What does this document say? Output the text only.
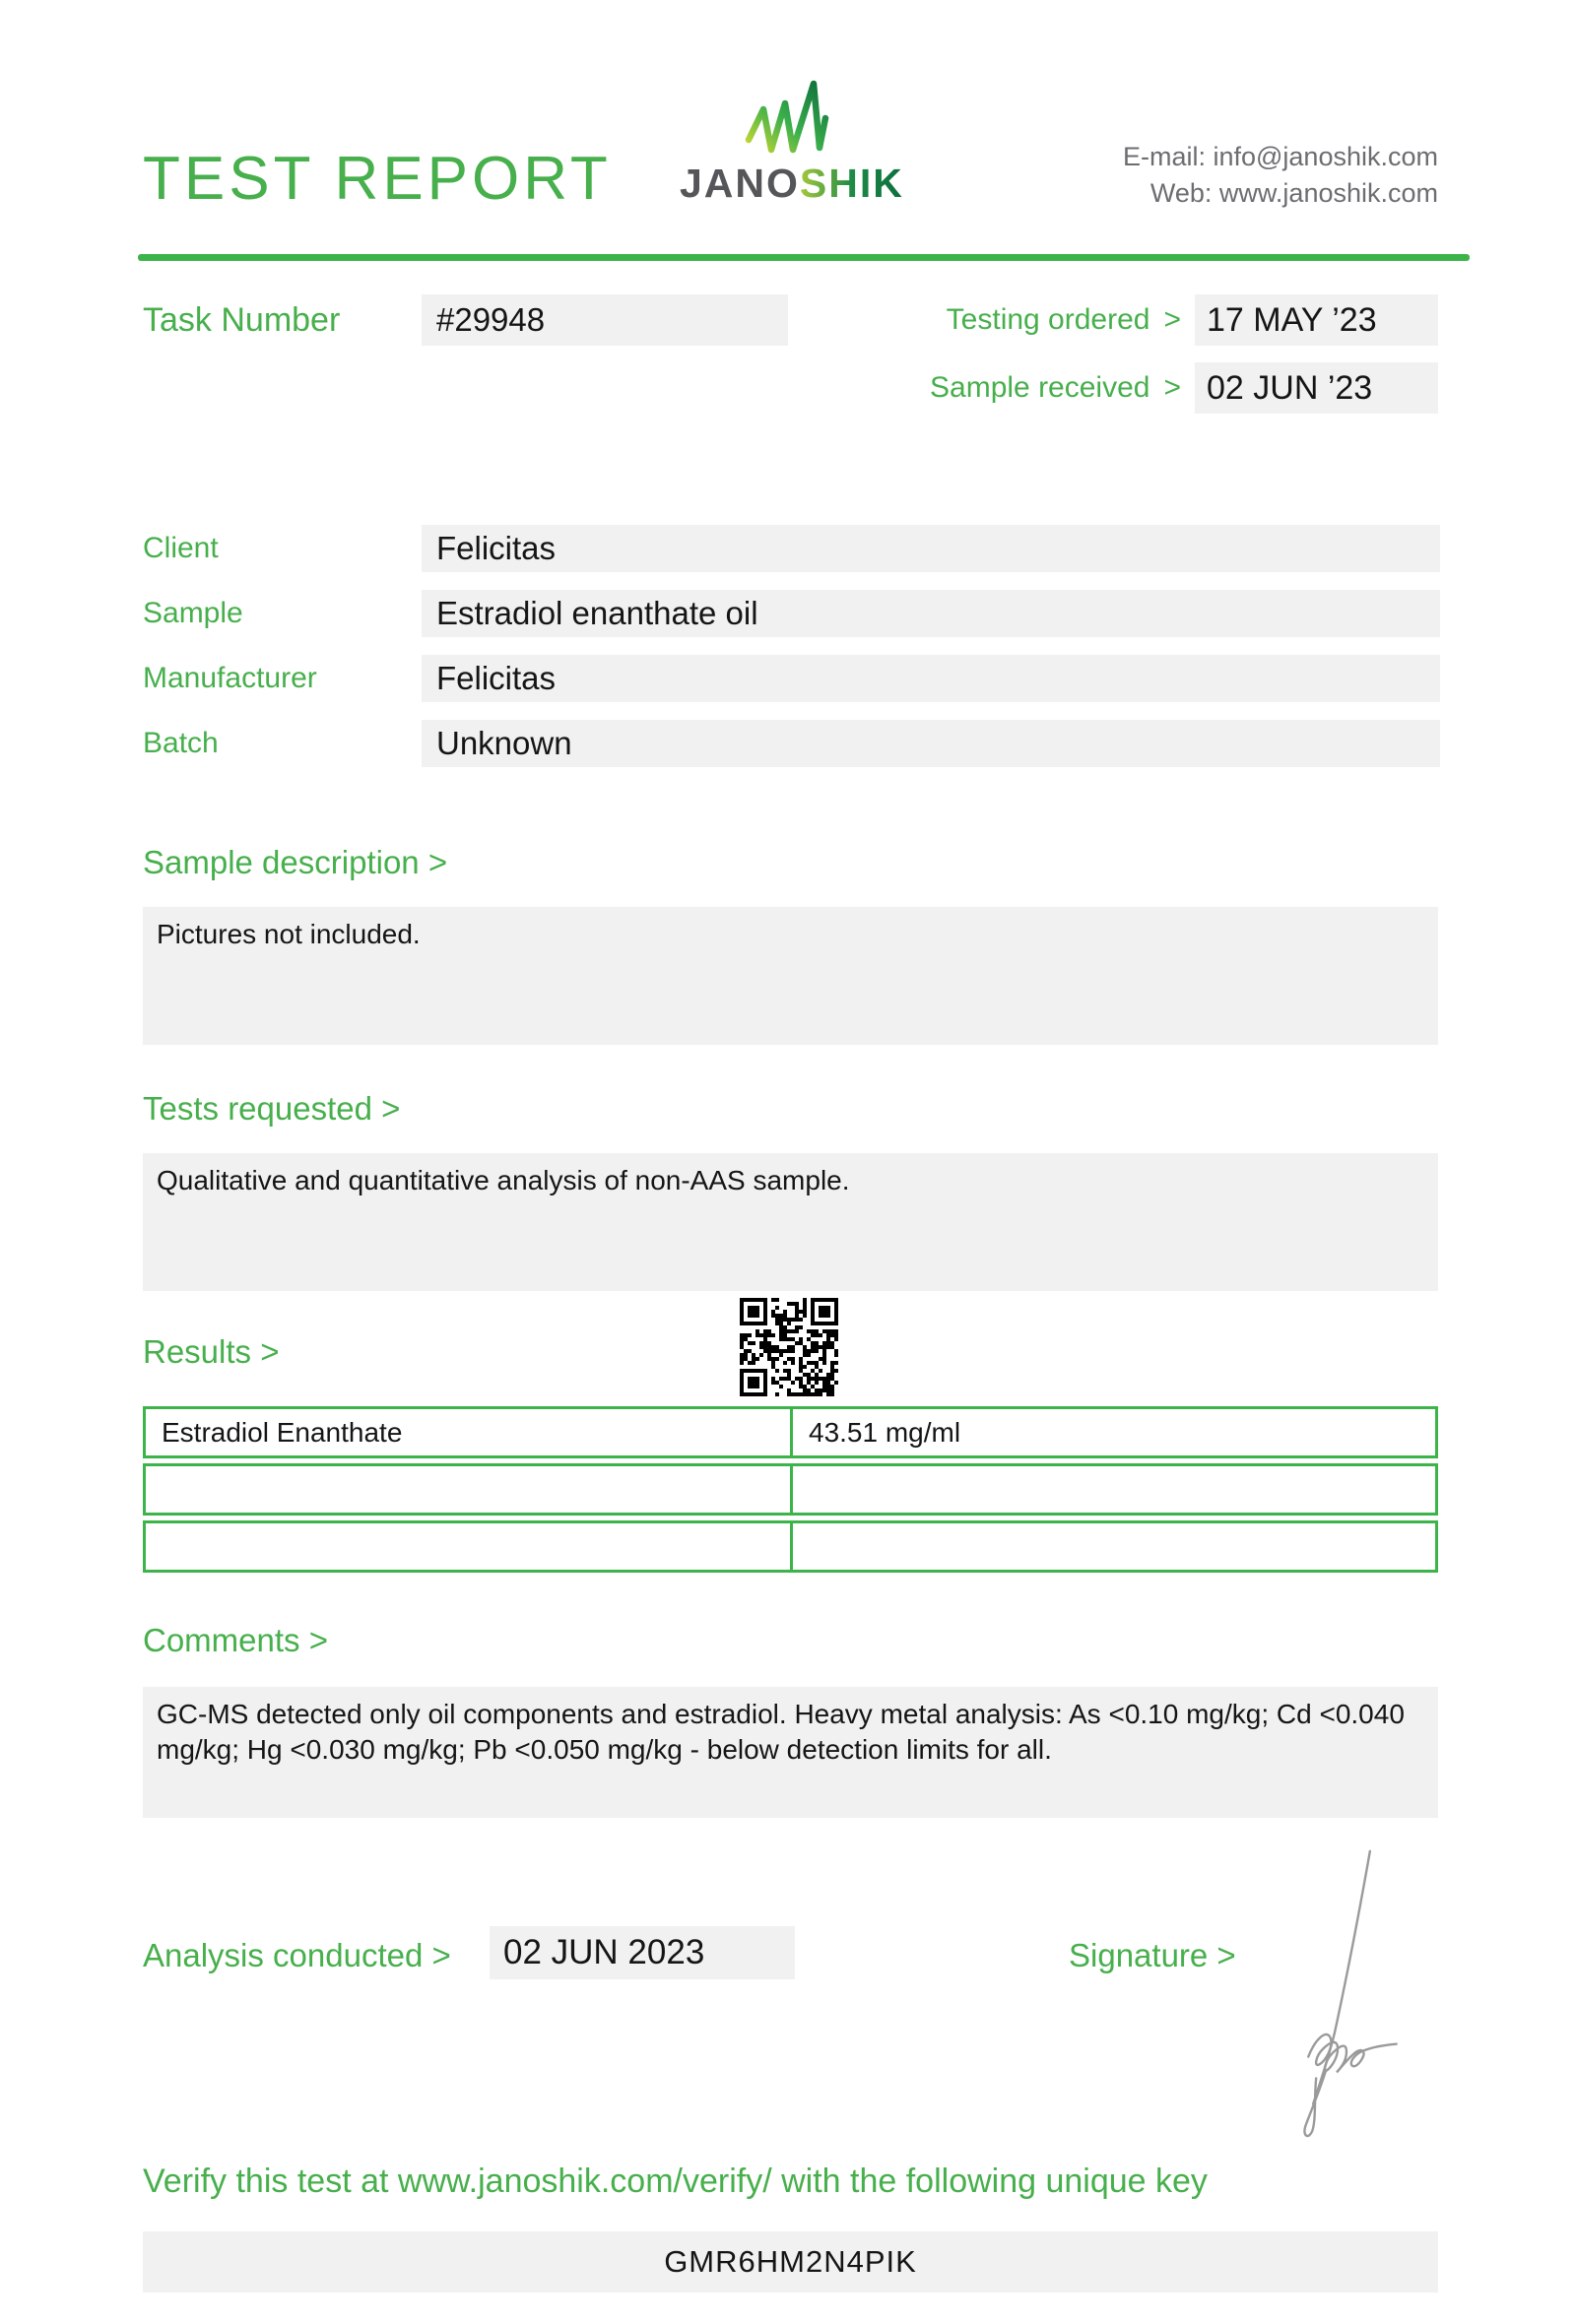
TEST REPORT JANOSHIK
E-mail: info@janoshik.com
Web: www.janoshik.com
Task Number	#29948	Testing ordered > 17 MAY ’23
Sample received > 02 JUN ’23
Client	Felicitas
Sample	Estradiol enanthate oil
Manufacturer	Felicitas
Batch	Unknown
Sample description >
Pictures not included.
Tests requested >
Qualitative and quantitative analysis of non-AAS sample.
Results >
Estradiol Enanthate	43.51 mg/ml
Comments >
GC-MS detected only oil components and estradiol. Heavy metal analysis: As <0.10 mg/kg; Cd <0.040 mg/kg; Hg <0.030 mg/kg; Pb <0.050 mg/kg - below detection limits for all.
Analysis conducted >	02 JUN 2023	Signature >
Verify this test at www.janoshik.com/verify/ with the following unique key
GMR6HM2N4PIK
